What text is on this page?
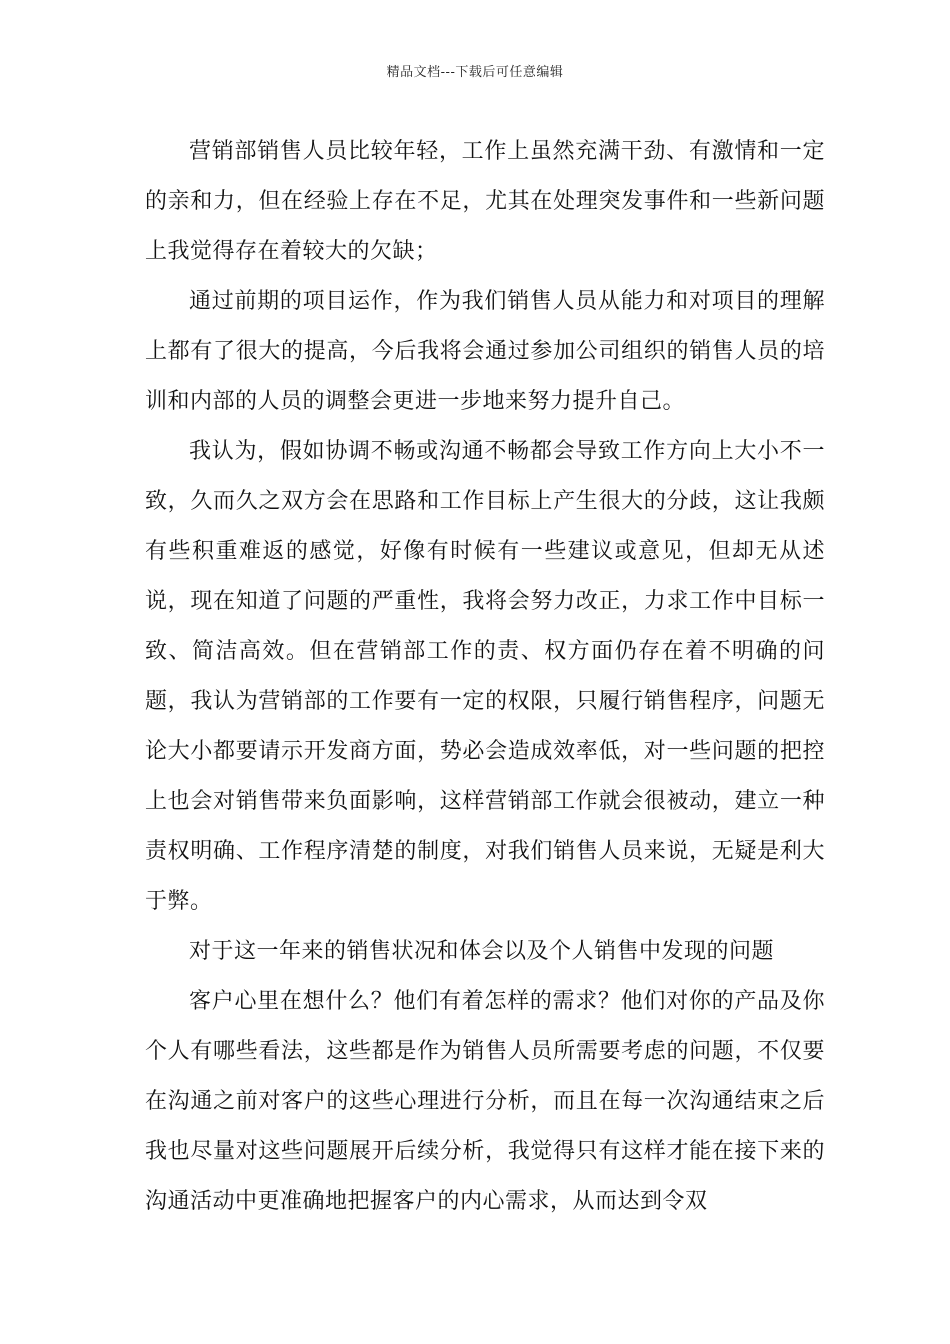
精品文档---下载后可任意编辑

营销部销售人员比较年轻，工作上虽然充满干劲、有激情和一定的亲和力，但在经验上存在不足，尤其在处理突发事件和一些新问题上我觉得存在着较大的欠缺；

通过前期的项目运作，作为我们销售人员从能力和对项目的理解上都有了很大的提高，今后我将会通过参加公司组织的销售人员的培训和内部的人员的调整会更进一步地来努力提升自己。

我认为，假如协调不畅或沟通不畅都会导致工作方向上大小不一致，久而久之双方会在思路和工作目标上产生很大的分歧，这让我颇有些积重难返的感觉，好像有时候有一些建议或意见，但却无从述说，现在知道了问题的严重性，我将会努力改正，力求工作中目标一致、简洁高效。但在营销部工作的责、权方面仍存在着不明确的问题，我认为营销部的工作要有一定的权限，只履行销售程序，问题无论大小都要请示开发商方面，势必会造成效率低，对一些问题的把控上也会对销售带来负面影响，这样营销部工作就会很被动，建立一种责权明确、工作程序清楚的制度，对我们销售人员来说，无疑是利大于弊。

对于这一年来的销售状况和体会以及个人销售中发现的问题

客户心里在想什么？他们有着怎样的需求？他们对你的产品及你个人有哪些看法，这些都是作为销售人员所需要考虑的问题，不仅要在沟通之前对客户的这些心理进行分析，而且在每一次沟通结束之后我也尽量对这些问题展开后续分析，我觉得只有这样才能在接下来的沟通活动中更准确地把握客户的内心需求，从而达到令双
